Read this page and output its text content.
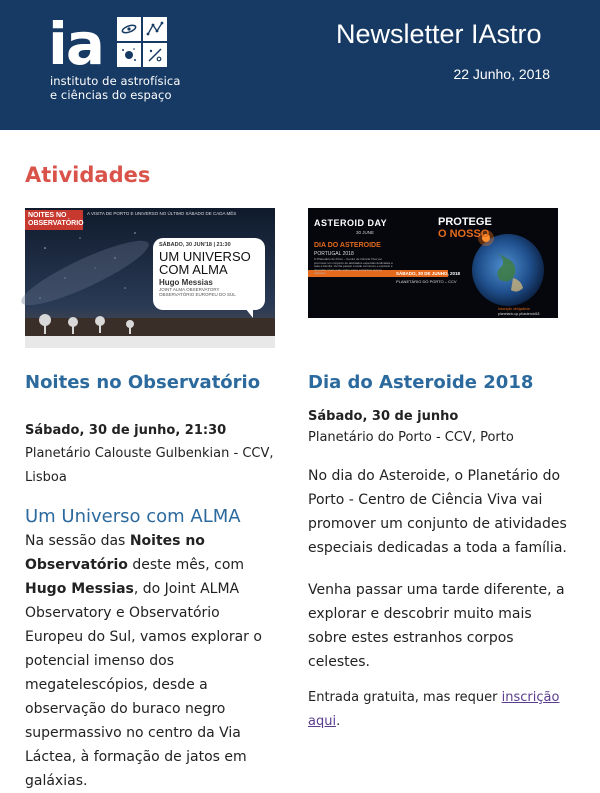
ia
instituto de astrofísica
e ciências do espaço
Newsletter IAstro
22 Junho, 2018
Atividades
NOITES NO OBSERVATÓRIO
A VISITA DE PORTO E UNIVERSO NO ÚLTIMO SÁBADO DE CADA MÊS
SÁBADO, 30 JUN'18 | 21:30
UM UNIVERSO
COM ALMA
Hugo Messias
JOINT ALMA OBSERVATORY
OBSERVATÓRIO EUROPEU DO SUL
Noites no Observatório
Sábado, 30 de junho, 21:30
Planetário Calouste Gulbenkian - CCV, Lisboa
Um Universo com ALMA
Na sessão das Noites no Observatório deste mês, com Hugo Messias, do Joint ALMA Observatory e Observatório Europeu do Sul, vamos explorar o potencial imenso dos megatelescópios, desde a observação do buraco negro supermassivo no centro da Via Láctea, à formação de jatos em galáxias.
ASTEROID DAY
30 JUNE
PROTEGE
O NOSSO
DIA DO ASTEROIDE
PORTUGAL 2018
O Planetário do Porto – Centro de Ciência Viva vai promover um conjunto de atividades especiais dedicadas a toda a família. Venha passar a tarde connosco e explorar e descobrir muito mais sobre estes estranhos corpos celestes.	SÁBADO, 30 DE JUNHO, 2018
PLANETÁRIO DO PORTO – CCV
Inscrição obrigatória
planetario.up.pt/asteroid18
Dia do Asteroide 2018
Sábado, 30 de junho
Planetário do Porto - CCV, Porto
No dia do Asteroide, o Planetário do Porto - Centro de Ciência Viva vai promover um conjunto de atividades especiais dedicadas a toda a família.
Venha passar uma tarde diferente, a explorar e descobrir muito mais sobre estes estranhos corpos celestes.
Entrada gratuita, mas requer inscrição aqui.
